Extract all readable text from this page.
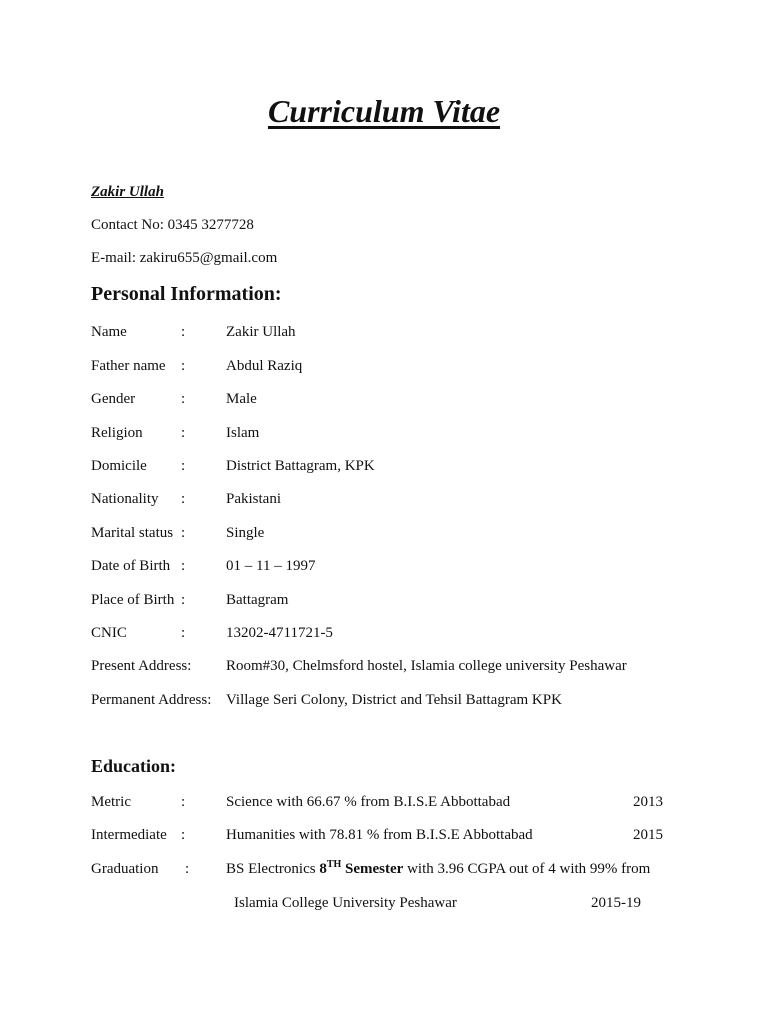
Curriculum Vitae
Zakir Ullah
Contact No: 0345 3277728
E-mail: zakiru655@gmail.com
Personal Information:
Name	:	Zakir Ullah
Father name :	Abdul Raziq
Gender	:	Male
Religion	:	Islam
Domicile :	District Battagram, KPK
Nationality :	Pakistani
Marital status :	Single
Date of Birth :	01 – 11 – 1997
Place of Birth :	Battagram
CNIC	:	13202-4711721-5
Present Address: Room#30, Chelmsford hostel, Islamia college university Peshawar
Permanent Address: Village Seri Colony, District and Tehsil Battagram KPK
Education:
Metric	:	Science with 66.67 % from B.I.S.E Abbottabad	2013
Intermediate :	Humanities with 78.81 % from B.I.S.E Abbottabad	2015
Graduation : BS Electronics 8TH Semester with 3.96 CGPA out of 4 with 99% from
Islamia College University Peshawar	2015-19
